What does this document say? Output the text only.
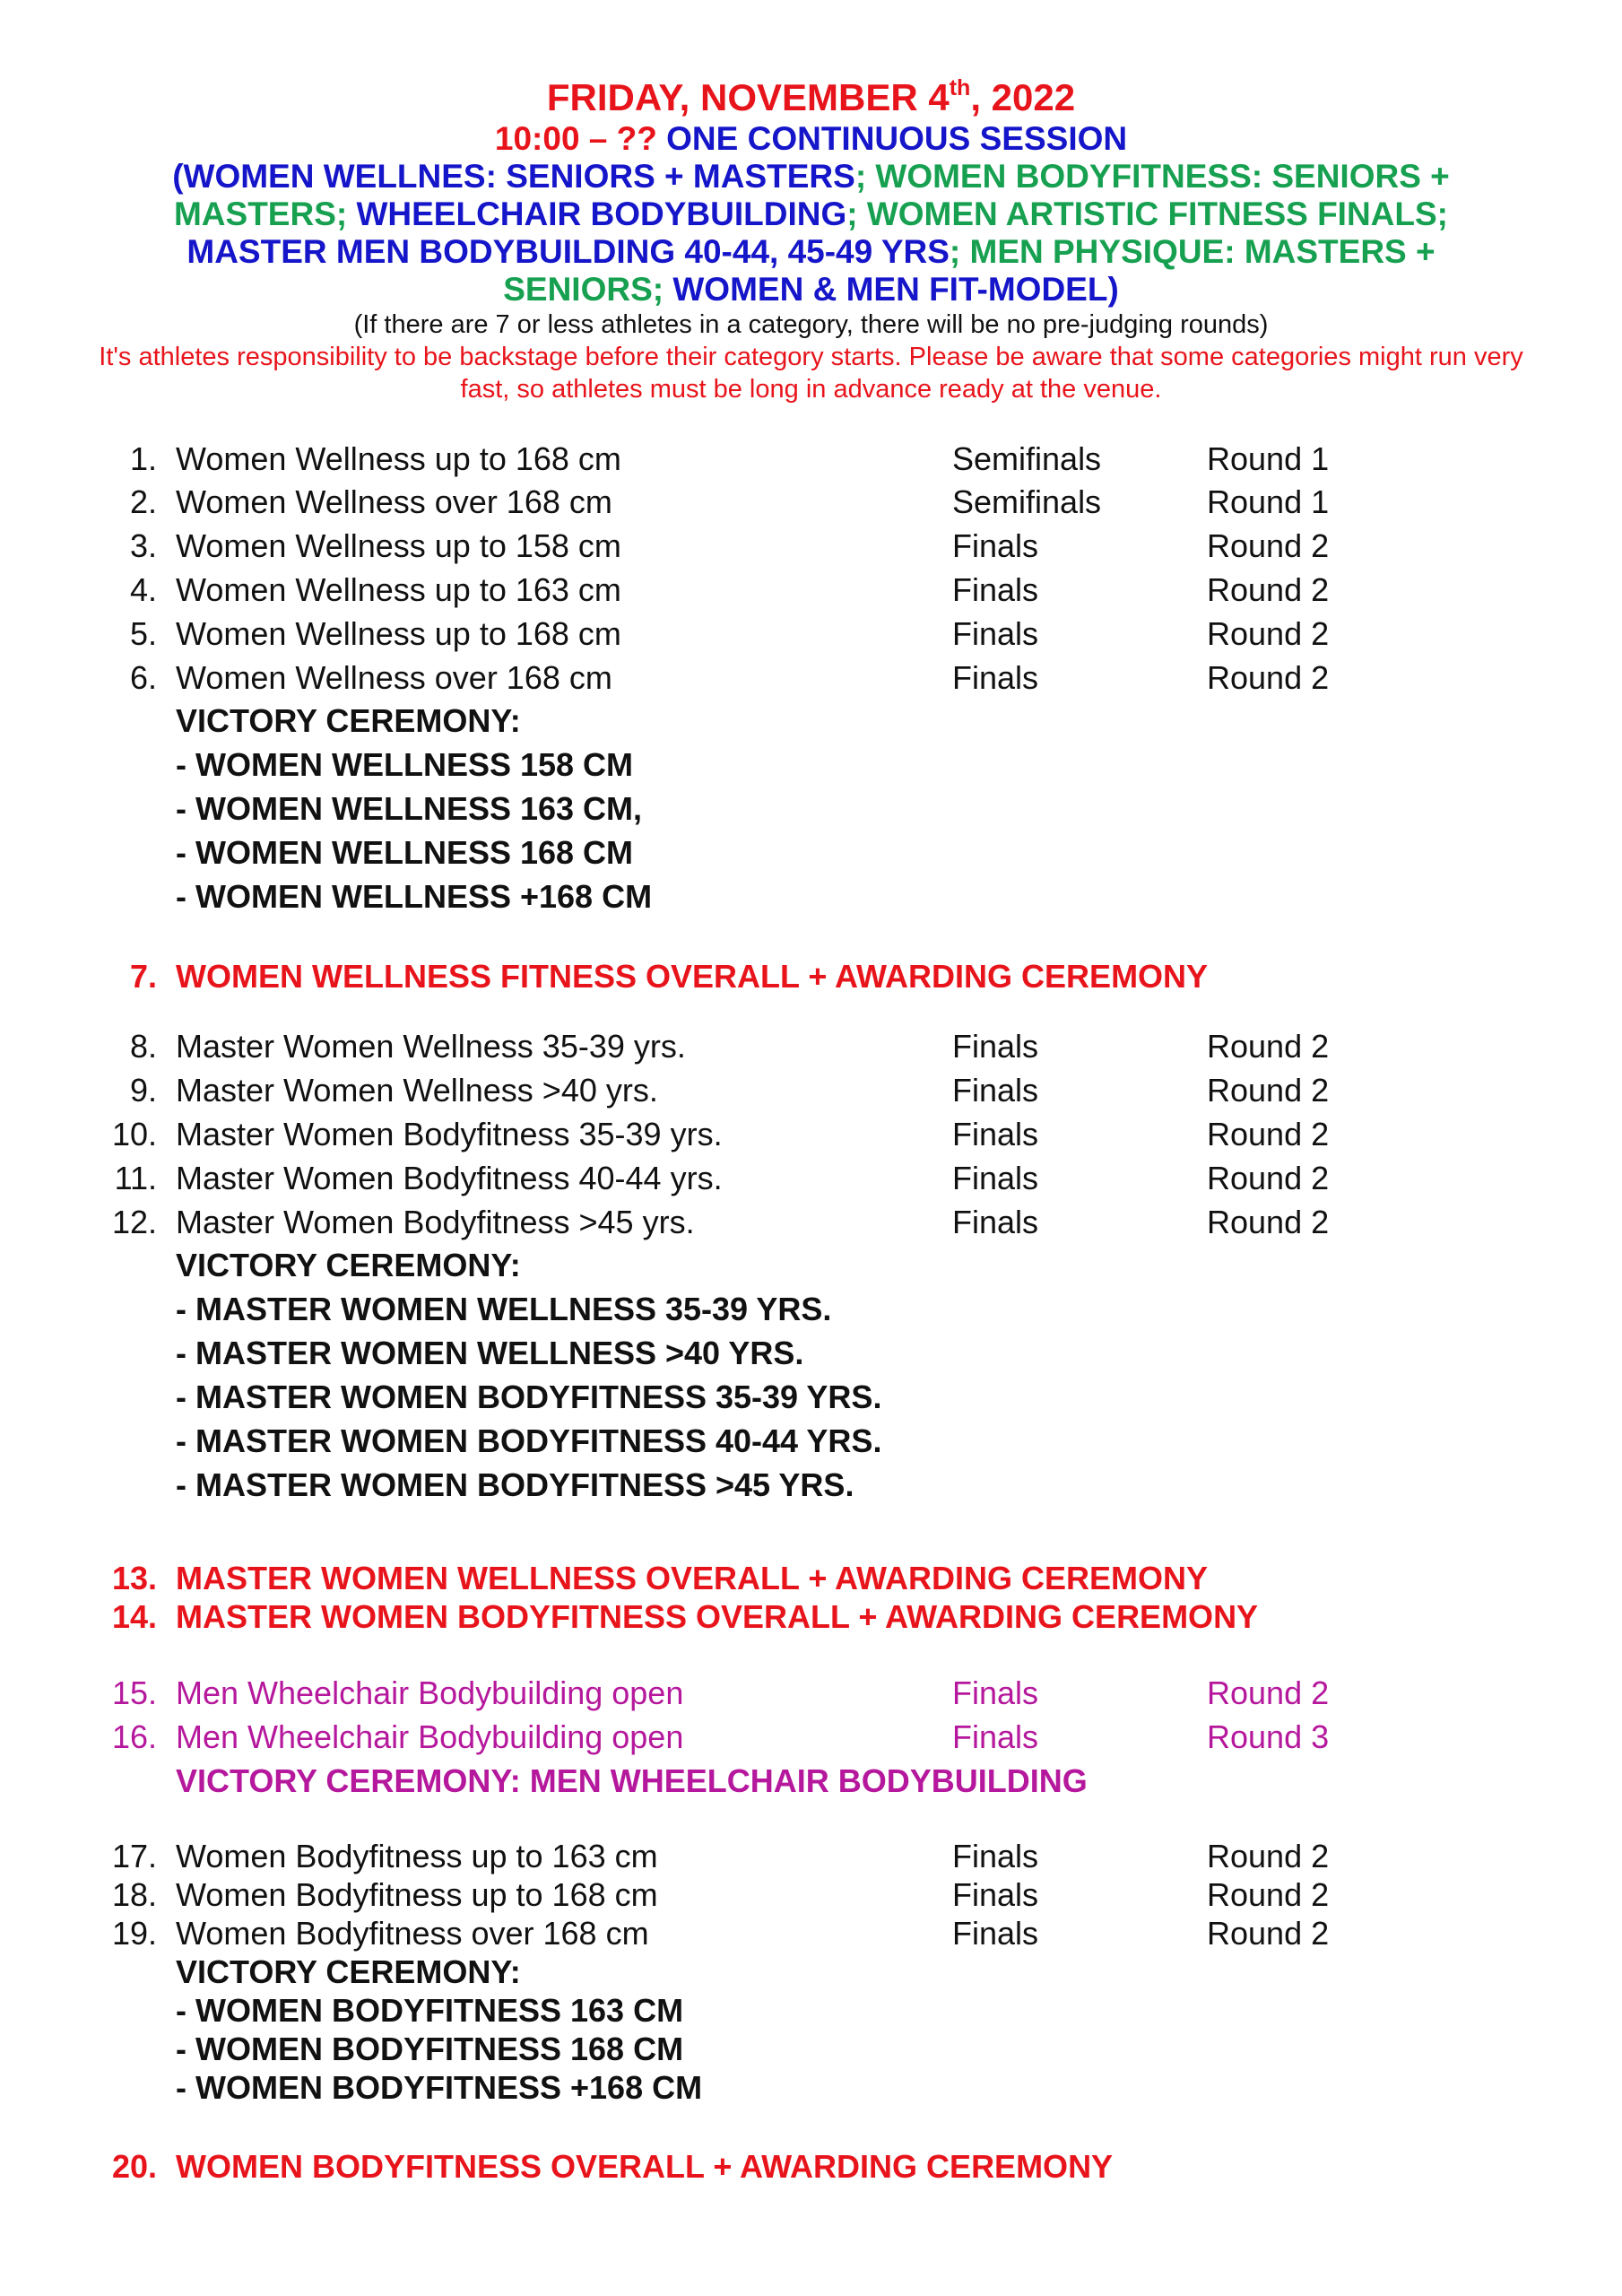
FRIDAY, NOVEMBER 4th, 2022
10:00 – ?? ONE CONTINUOUS SESSION
(WOMEN WELLNES: SENIORS + MASTERS; WOMEN BODYFITNESS: SENIORS + MASTERS; WHEELCHAIR BODYBUILDING; WOMEN ARTISTIC FITNESS FINALS; MASTER MEN BODYBUILDING 40-44, 45-49 YRS; MEN PHYSIQUE: MASTERS + SENIORS; WOMEN & MEN FIT-MODEL)
(If there are 7 or less athletes in a category, there will be no pre-judging rounds)
It's athletes responsibility to be backstage before their category starts. Please be aware that some categories might run very fast, so athletes must be long in advance ready at the venue.
1. Women Wellness up to 168 cm	Semifinals	Round 1
2. Women Wellness over 168 cm	Semifinals	Round 1
3. Women Wellness up to 158 cm	Finals	Round 2
4. Women Wellness up to 163 cm	Finals	Round 2
5. Women Wellness up to 168 cm	Finals	Round 2
6. Women Wellness over 168 cm	Finals	Round 2
VICTORY CEREMONY:
- WOMEN WELLNESS 158 CM
- WOMEN WELLNESS 163 CM,
- WOMEN WELLNESS 168 CM
- WOMEN WELLNESS +168 CM
7. WOMEN WELLNESS FITNESS OVERALL + AWARDING CEREMONY
8. Master Women Wellness 35-39 yrs.	Finals	Round 2
9. Master Women Wellness >40 yrs.	Finals	Round 2
10. Master Women Bodyfitness 35-39 yrs.	Finals	Round 2
11. Master Women Bodyfitness 40-44 yrs.	Finals	Round 2
12. Master Women Bodyfitness >45 yrs.	Finals	Round 2
VICTORY CEREMONY:
- MASTER WOMEN WELLNESS 35-39 YRS.
- MASTER WOMEN WELLNESS >40 YRS.
- MASTER WOMEN BODYFITNESS 35-39 YRS.
- MASTER WOMEN BODYFITNESS 40-44 YRS.
- MASTER WOMEN BODYFITNESS >45 YRS.
13. MASTER WOMEN WELLNESS OVERALL + AWARDING CEREMONY
14. MASTER WOMEN BODYFITNESS OVERALL + AWARDING CEREMONY
15. Men Wheelchair Bodybuilding open	Finals	Round 2
16. Men Wheelchair Bodybuilding open	Finals	Round 3
VICTORY CEREMONY: MEN WHEELCHAIR BODYBUILDING
17. Women Bodyfitness up to 163 cm	Finals	Round 2
18. Women Bodyfitness up to 168 cm	Finals	Round 2
19. Women Bodyfitness over 168 cm	Finals	Round 2
VICTORY CEREMONY:
- WOMEN BODYFITNESS 163 CM
- WOMEN BODYFITNESS 168 CM
- WOMEN BODYFITNESS +168 CM
20. WOMEN BODYFITNESS OVERALL + AWARDING CEREMONY
